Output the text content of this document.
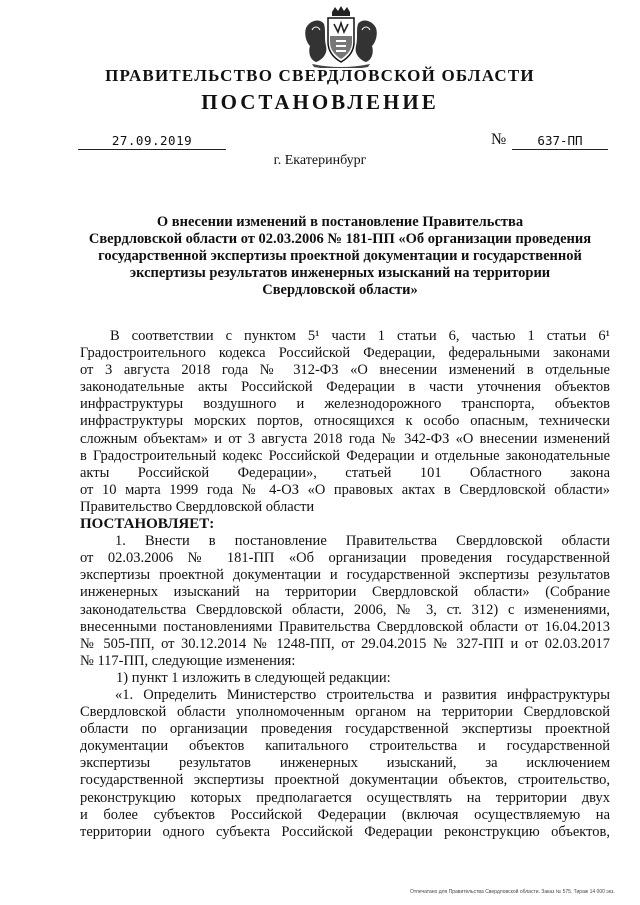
ПРАВИТЕЛЬСТВО СВЕРДЛОВСКОЙ ОБЛАСТИ
ПОСТАНОВЛЕНИЕ
27.09.2019	№	637-ПП
г. Екатеринбург
О внесении изменений в постановление Правительства
Свердловской области от 02.03.2006 № 181-ПП «Об организации проведения
государственной экспертизы проектной документации и государственной
экспертизы результатов инженерных изысканий на территории
Свердловской области»
В соответствии с пунктом 5¹ части 1 статьи 6, частью 1 статьи 6¹
Градостроительного кодекса Российской Федерации, федеральными законами
от 3 августа 2018 года № 312-ФЗ «О внесении изменений в отдельные
законодательные акты Российской Федерации в части уточнения объектов
инфраструктуры воздушного и железнодорожного транспорта, объектов
инфраструктуры морских портов, относящихся к особо опасным, технически
сложным объектам» и от 3 августа 2018 года № 342-ФЗ «О внесении изменений
в Градостроительный кодекс Российской Федерации и отдельные законодательные
акты Российской Федерации», статьей 101 Областного закона
от 10 марта 1999 года № 4-ОЗ «О правовых актах в Свердловской области»
Правительство Свердловской области
ПОСТАНОВЛЯЕТ:
1. Внести в постановление Правительства Свердловской области
от 02.03.2006 № 181-ПП «Об организации проведения государственной
экспертизы проектной документации и государственной экспертизы результатов
инженерных изысканий на территории Свердловской области» (Собрание
законодательства Свердловской области, 2006, № 3, ст. 312) с изменениями,
внесенными постановлениями Правительства Свердловской области от 16.04.2013
№ 505-ПП, от 30.12.2014 № 1248-ПП, от 29.04.2015 № 327-ПП и от 02.03.2017
№ 117-ПП, следующие изменения:
1) пункт 1 изложить в следующей редакции:
«1. Определить Министерство строительства и развития инфраструктуры
Свердловской области уполномоченным органом на территории Свердловской
области по организации проведения государственной экспертизы проектной
документации объектов капитального строительства и государственной
экспертизы результатов инженерных изысканий, за исключением
государственной экспертизы проектной документации объектов, строительство,
реконструкцию которых предполагается осуществлять на территории двух
и более субъектов Российской Федерации (включая осуществляемую на
территории одного субъекта Российской Федерации реконструкцию объектов,
Отпечатано для Правительства Свердловской области. Заказ № 575. Тираж 14 000 экз.
